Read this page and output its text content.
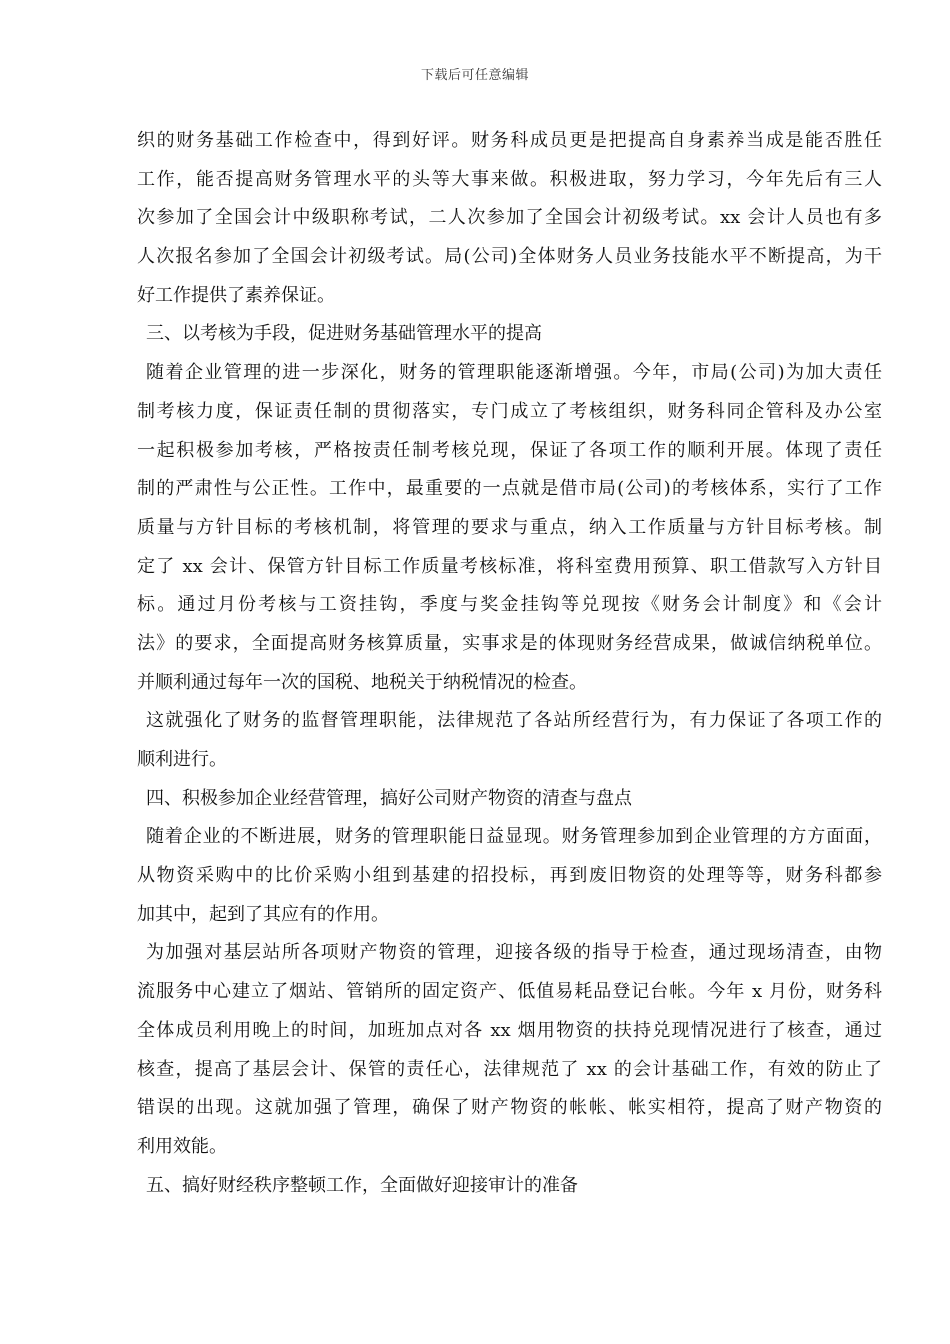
下载后可任意编辑
织的财务基础工作检查中，得到好评。财务科成员更是把提高自身素养当成是能否胜任
工作，能否提高财务管理水平的头等大事来做。积极进取，努力学习，今年先后有三人
次参加了全国会计中级职称考试，二人次参加了全国会计初级考试。xx 会计人员也有多
人次报名参加了全国会计初级考试。局(公司)全体财务人员业务技能水平不断提高，为干
好工作提供了素养保证。
三、以考核为手段，促进财务基础管理水平的提高
随着企业管理的进一步深化，财务的管理职能逐渐增强。今年，市局(公司)为加大责任
制考核力度，保证责任制的贯彻落实，专门成立了考核组织，财务科同企管科及办公室
一起积极参加考核，严格按责任制考核兑现，保证了各项工作的顺利开展。体现了责任
制的严肃性与公正性。工作中，最重要的一点就是借市局(公司)的考核体系，实行了工作
质量与方针目标的考核机制，将管理的要求与重点，纳入工作质量与方针目标考核。制
定了 xx 会计、保管方针目标工作质量考核标准，将科室费用预算、职工借款写入方针目
标。通过月份考核与工资挂钩，季度与奖金挂钩等兑现按《财务会计制度》和《会计
法》的要求，全面提高财务核算质量，实事求是的体现财务经营成果，做诚信纳税单位。
并顺利通过每年一次的国税、地税关于纳税情况的检查。
这就强化了财务的监督管理职能，法律规范了各站所经营行为，有力保证了各项工作的
顺利进行。
四、积极参加企业经营管理，搞好公司财产物资的清查与盘点
随着企业的不断进展，财务的管理职能日益显现。财务管理参加到企业管理的方方面面，
从物资采购中的比价采购小组到基建的招投标，再到废旧物资的处理等等，财务科都参
加其中，起到了其应有的作用。
为加强对基层站所各项财产物资的管理，迎接各级的指导于检查，通过现场清查，由物
流服务中心建立了烟站、管销所的固定资产、低值易耗品登记台帐。今年 x 月份，财务科
全体成员利用晚上的时间，加班加点对各 xx 烟用物资的扶持兑现情况进行了核查，通过
核查，提高了基层会计、保管的责任心，法律规范了 xx 的会计基础工作，有效的防止了
错误的出现。这就加强了管理，确保了财产物资的帐帐、帐实相符，提高了财产物资的
利用效能。
五、搞好财经秩序整顿工作，全面做好迎接审计的准备
